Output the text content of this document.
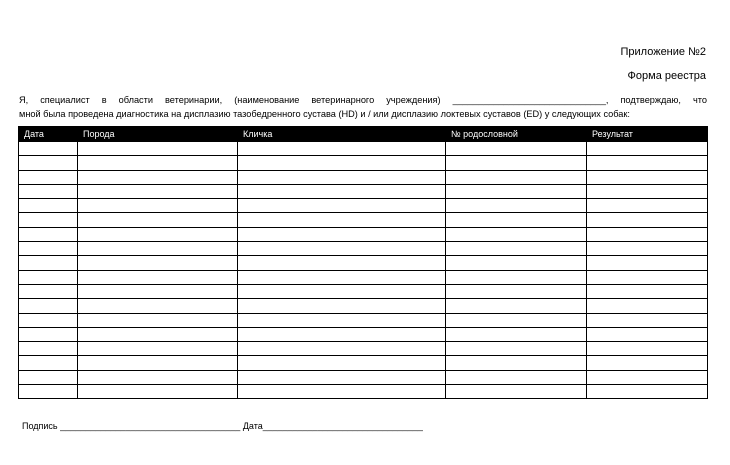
Приложение №2
Форма реестра
Я, специалист в области ветеринарии, (наименование ветеринарного учреждения) ______________________________, подтверждаю, что
мной была проведена диагностика на дисплазию тазобедренного сустава (HD) и / или дисплазию локтевых суставов (ED) у следующих собак:
Дата	Порода	Кличка	№ родословной	Результат

Подпись ____________________________________ Дата________________________________
